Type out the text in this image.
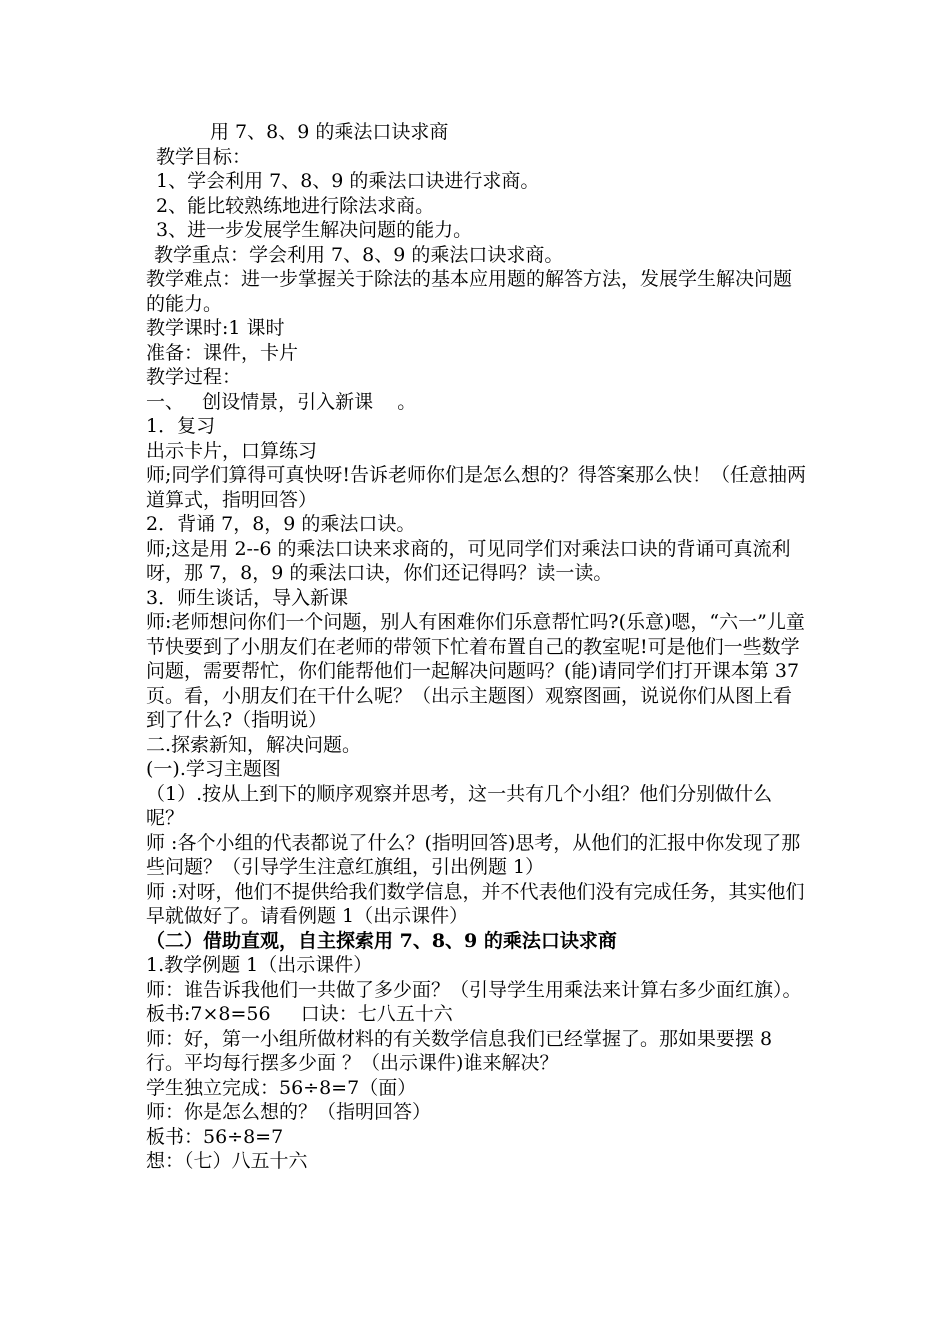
用 7、8、9 的乘法口诀求商

教学目标：

1、学会利用 7、8、9 的乘法口诀进行求商。

2、能比较熟练地进行除法求商。

3、进一步发展学生解决问题的能力。

教学重点：学会利用 7、8、9 的乘法口诀求商。

教学难点：进一步掌握关于除法的基本应用题的解答方法，发展学生解决问题的能力。

教学课时:1 课时

准备：课件，卡片

教学过程：

一、   创设情景，引入新课    。

1．复习

出示卡片，口算练习

师;同学们算得可真快呀!告诉老师你们是怎么想的？得答案那么快！（任意抽两道算式，指明回答）

2．背诵 7，8，9 的乘法口诀。

师;这是用 2--6 的乘法口诀来求商的，可见同学们对乘法口诀的背诵可真流利呀，那 7，8，9 的乘法口诀，你们还记得吗？读一读。

3．师生谈话，导入新课

师:老师想问你们一个问题，别人有困难你们乐意帮忙吗?(乐意)嗯，“六一”儿童节快要到了小朋友们在老师的带领下忙着布置自己的教室呢!可是他们一些数学问题，需要帮忙，你们能帮他们一起解决问题吗？(能)请同学们打开课本第 37 页。看，小朋友们在干什么呢？（出示主题图）观察图画，说说你们从图上看到了什么?（指明说）

二.探索新知，解决问题。

(一).学习主题图

（1）.按从上到下的顺序观察并思考，这一共有几个小组？他们分别做什么呢？

师 :各个小组的代表都说了什么？(指明回答)思考，从他们的汇报中你发现了那些问题？（引导学生注意红旗组，引出例题 1）

师 :对呀，他们不提供给我们数学信息，并不代表他们没有完成任务，其实他们早就做好了。请看例题 1（出示课件）

（二）借助直观，自主探索用 7、8、9 的乘法口诀求商

1.教学例题 1（出示课件）

师：谁告诉我他们一共做了多少面？（引导学生用乘法来计算右多少面红旗）。

板书:7×8=56     口诀：七八五十六

师：好，第一小组所做材料的有关数学信息我们已经掌握了。那如果要摆 8 行。平均每行摆多少面 ？（出示课件)谁来解决？

学生独立完成：56÷8=7（面）

师：你是怎么想的？（指明回答）

板书：56÷8=7

想：（七）八五十六
